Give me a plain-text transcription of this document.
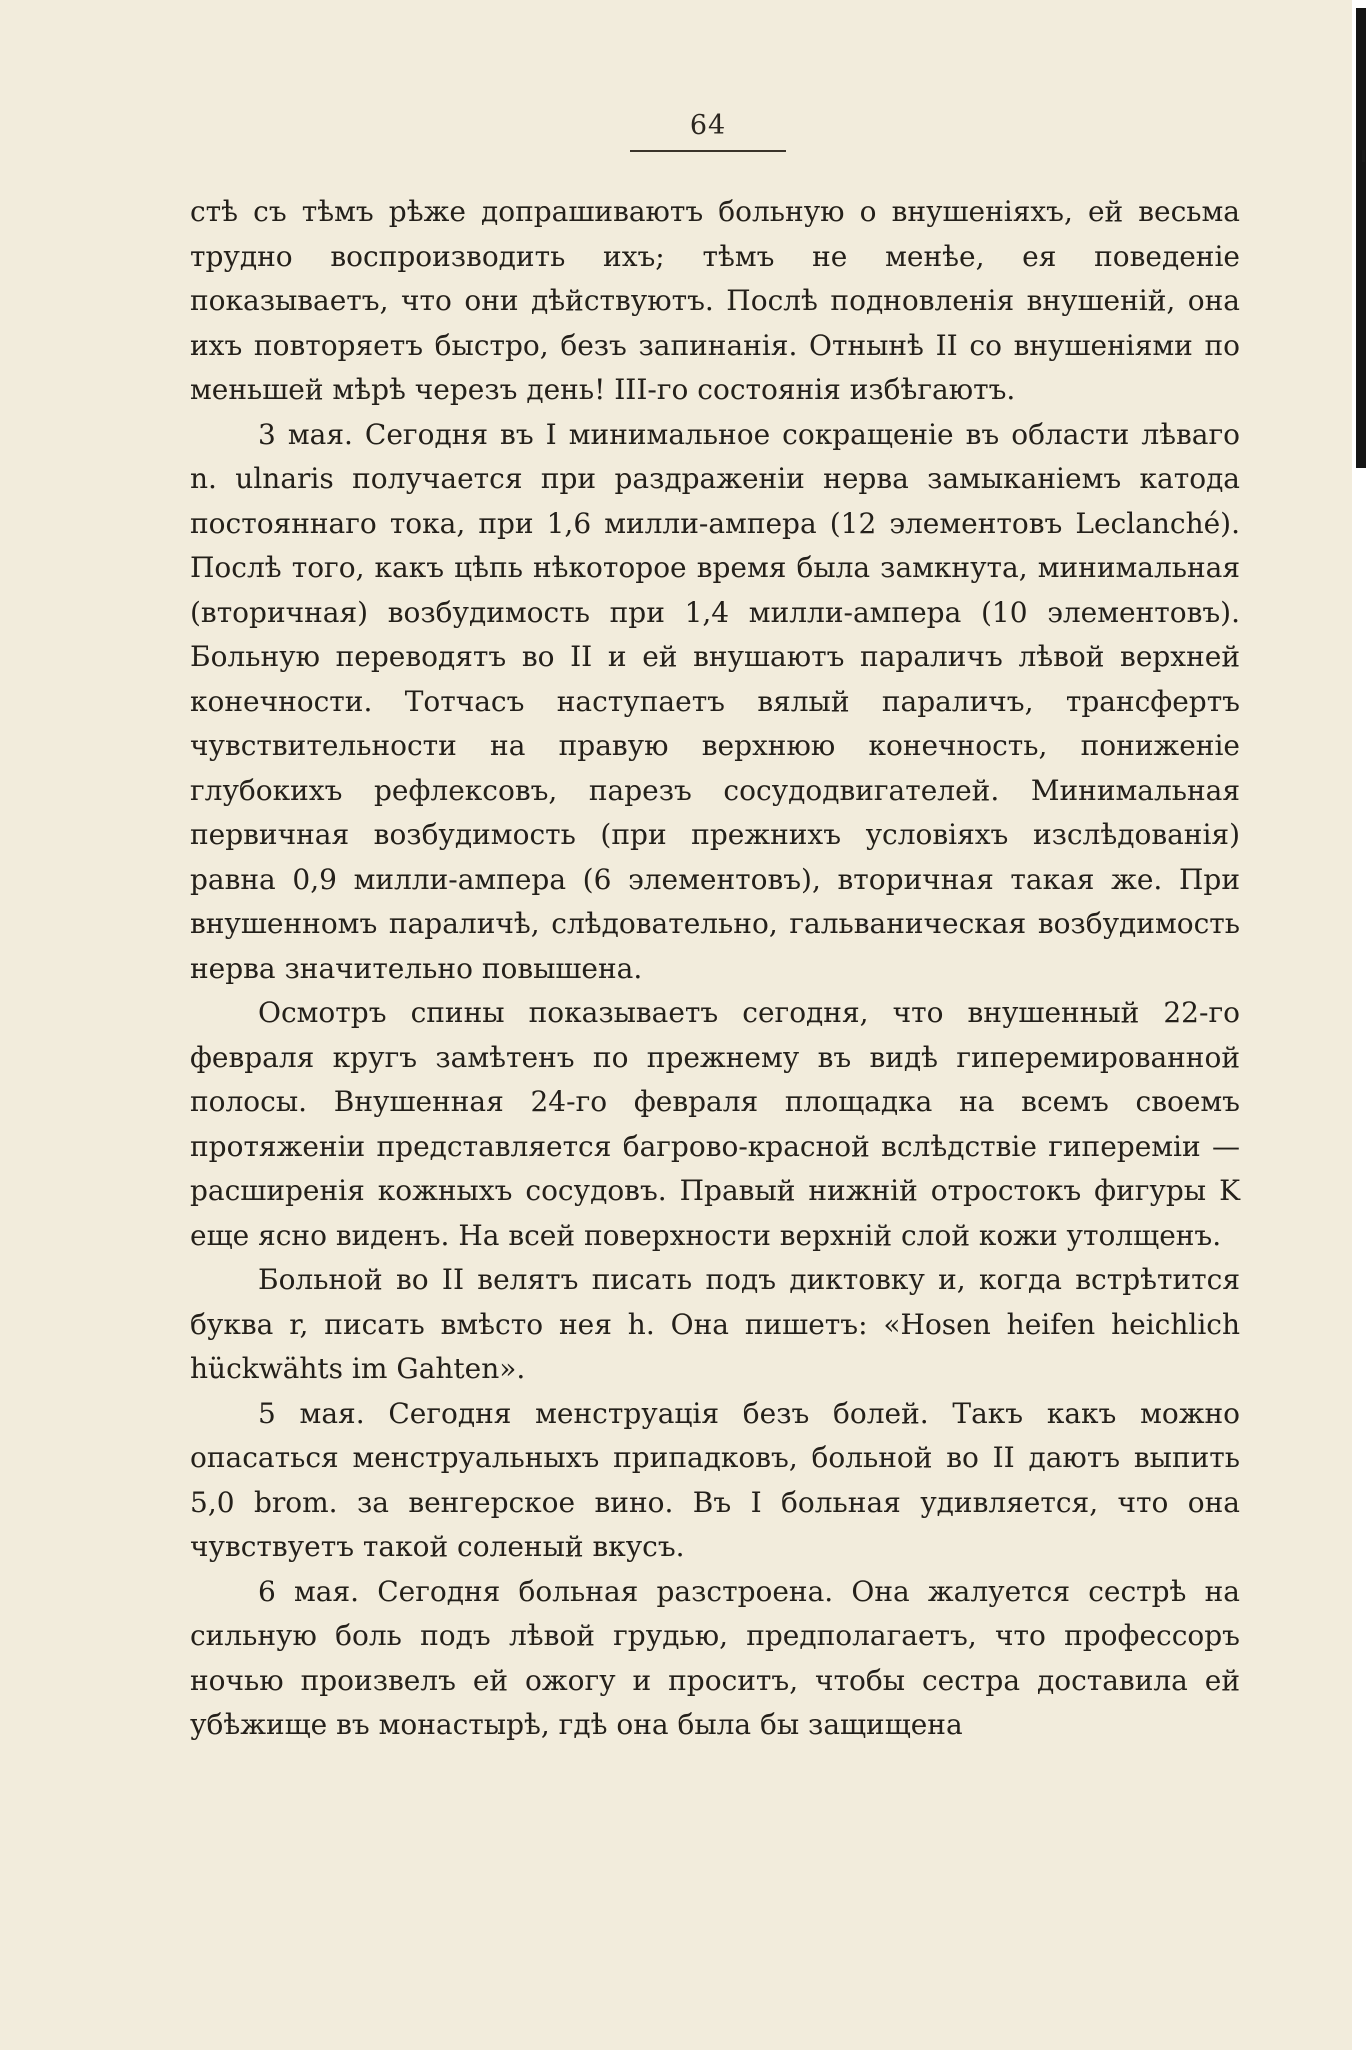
64

стѣ съ тѣмъ рѣже допрашиваютъ больную о внушеніяхъ, ей весьма трудно воспроизводить ихъ; тѣмъ не менѣе, ея поведеніе показываетъ, что они дѣйствуютъ. Послѣ подновленія внушеній, она ихъ повторяетъ быстро, безъ запинанія. Отнынѣ II со внушеніями по меньшей мѣрѣ черезъ день! III-го состоянія избѣгаютъ.

3 мая. Сегодня въ I минимальное сокращеніе въ области лѣваго n. ulnaris получается при раздраженіи нерва замыканіемъ катода постояннаго тока, при 1,6 милли-ампера (12 элементовъ Leclanché). Послѣ того, какъ цѣпь нѣкоторое время была замкнута, минимальная (вторичная) возбудимость при 1,4 милли-ампера (10 элементовъ). Больную переводятъ во II и ей внушаютъ параличъ лѣвой верхней конечности. Тотчасъ наступаетъ вялый параличъ, трансфертъ чувствительности на правую верхнюю конечность, пониженіе глубокихъ рефлексовъ, парезъ сосудодвигателей. Минимальная первичная возбудимость (при прежнихъ условіяхъ изслѣдованія) равна 0,9 милли-ампера (6 элементовъ), вторичная такая же. При внушенномъ параличѣ, слѣдовательно, гальваническая возбудимость нерва значительно повышена.

Осмотръ спины показываетъ сегодня, что внушенный 22-го февраля кругъ замѣтенъ по прежнему въ видѣ гиперемированной полосы. Внушенная 24-го февраля площадка на всемъ своемъ протяженіи представляется багрово-красной вслѣдствіе гипереміи — расширенія кожныхъ сосудовъ. Правый нижній отростокъ фигуры K еще ясно виденъ. На всей поверхности верхній слой кожи утолщенъ.

Больной во II велятъ писать подъ диктовку и, когда встрѣтится буква r, писать вмѣсто нея h. Она пишетъ: «Hosen heifen heichlich hückwähts im Gahten».

5 мая. Сегодня менструація безъ болей. Такъ какъ можно опасаться менструальныхъ припадковъ, больной во II даютъ выпить 5,0 brom. за венгерское вино. Въ I больная удивляется, что она чувствуетъ такой соленый вкусъ.

6 мая. Сегодня больная разстроена. Она жалуется сестрѣ на сильную боль подъ лѣвой грудью, предполагаетъ, что профессоръ ночью произвелъ ей ожогу и проситъ, чтобы сестра доставила ей убѣжище въ монастырѣ, гдѣ она была бы защищена
